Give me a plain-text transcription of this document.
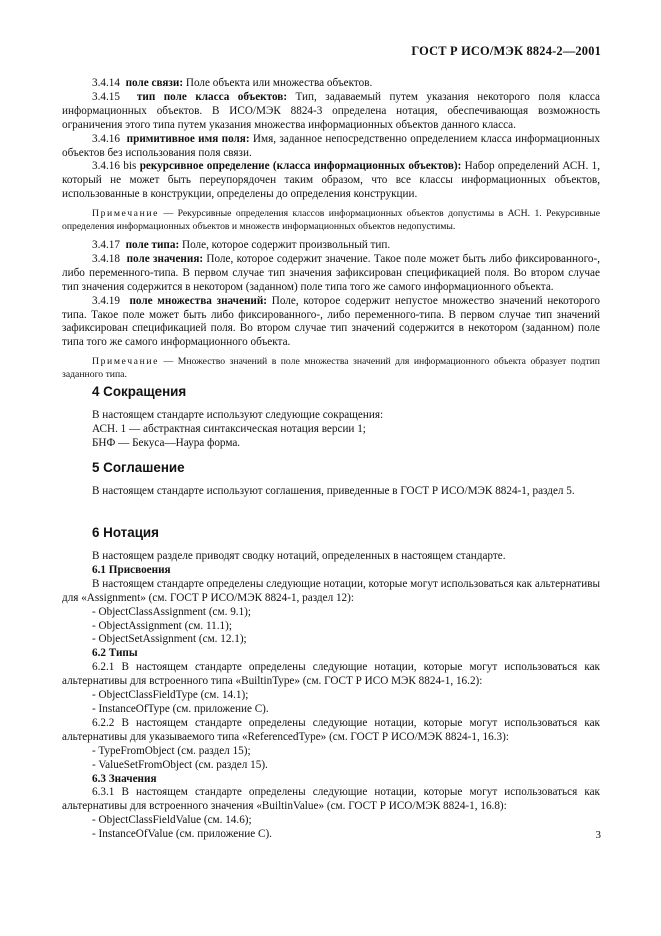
ГОСТ Р ИСО/МЭК 8824-2—2001

3.4.14 поле связи: Поле объекта или множества объектов.

3.4.15 тип поле класса объектов: Тип, задаваемый путем указания некоторого поля класса информационных объектов. В ИСО/МЭК 8824-3 определена нотация, обеспечивающая возможность ограничения этого типа путем указания множества информационных объектов данного класса.

3.4.16 примитивное имя поля: Имя, заданное непосредственно определением класса информационных объектов без использования поля связи.

3.4.16 bis рекурсивное определение (класса информационных объектов): Набор определений АСН. 1, который не может быть переупорядочен таким образом, что все классы информационных объектов, использованные в конструкции, определены до определения конструкции.

Примечание — Рекурсивные определения классов информационных объектов допустимы в АСН. 1. Рекурсивные определения информационных объектов и множеств информационных объектов недопустимы.

3.4.17 поле типа: Поле, которое содержит произвольный тип.

3.4.18 поле значения: Поле, которое содержит значение. Такое поле может быть либо фиксированного-, либо переменного-типа. В первом случае тип значения зафиксирован спецификацией поля. Во втором случае тип значения содержится в некотором (заданном) поле типа того же самого информационного объекта.

3.4.19 поле множества значений: Поле, которое содержит непустое множество значений некоторого типа. Такое поле может быть либо фиксированного-, либо переменного-типа. В первом случае тип значений зафиксирован спецификацией поля. Во втором случае тип значений содержится в некотором (заданном) поле типа того же самого информационного объекта.

Примечание — Множество значений в поле множества значений для информационного объекта образует подтип заданного типа.

4 Сокращения

В настоящем стандарте используют следующие сокращения:

АСН. 1 — абстрактная синтаксическая нотация версии 1;

БНФ — Бекуса—Наура форма.

5 Соглашение

В настоящем стандарте используют соглашения, приведенные в ГОСТ Р ИСО/МЭК 8824-1, раздел 5.

6 Нотация

В настоящем разделе приводят сводку нотаций, определенных в настоящем стандарте.

6.1 Присвоения

В настоящем стандарте определены следующие нотации, которые могут использоваться как альтернативы для «Assignment» (см. ГОСТ Р ИСО/МЭК 8824-1, раздел 12):

- ObjectClassAssignment (см. 9.1);

- ObjectAssignment (см. 11.1);

- ObjectSetAssignment (см. 12.1);

6.2 Типы

6.2.1 В настоящем стандарте определены следующие нотации, которые могут использоваться как альтернативы для встроенного типа «BuiltinType» (см. ГОСТ Р ИСО МЭК 8824-1, 16.2):

- ObjectClassFieldType (см. 14.1);

- InstanceOfType (см. приложение С).

6.2.2 В настоящем стандарте определены следующие нотации, которые могут использоваться как альтернативы для указываемого типа «ReferencedType» (см. ГОСТ Р ИСО/МЭК 8824-1, 16.3):

- TypeFromObject (см. раздел 15);

- ValueSetFromObject (см. раздел 15).

6.3 Значения

6.3.1 В настоящем стандарте определены следующие нотации, которые могут использоваться как альтернативы для встроенного значения «BuiltinValue» (см. ГОСТ Р ИСО/МЭК 8824-1, 16.8):

- ObjectClassFieldValue (см. 14.6);

- InstanceOfValue (см. приложение С).	3
